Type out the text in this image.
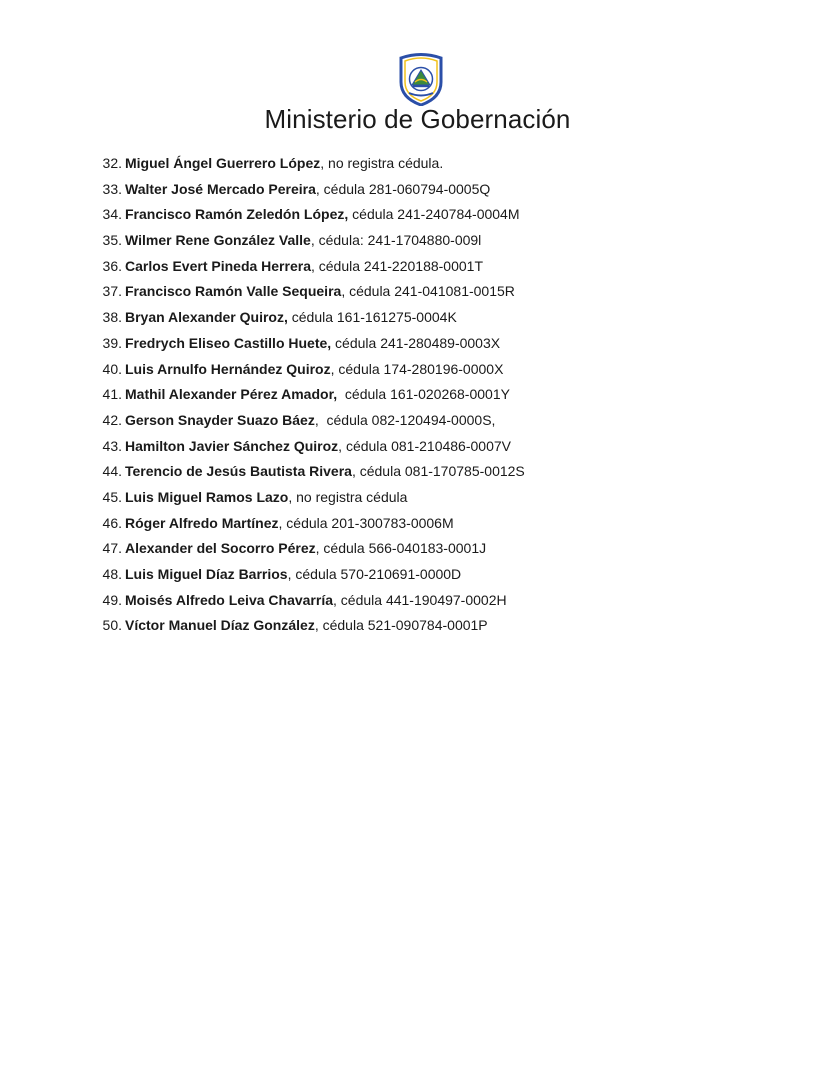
Ministerio de Gobernación
32. Miguel Ángel Guerrero López, no registra cédula.
33. Walter José Mercado Pereira, cédula 281-060794-0005Q
34. Francisco Ramón Zeledón López, cédula 241-240784-0004M
35. Wilmer Rene González Valle, cédula: 241-1704880-009l
36. Carlos Evert Pineda Herrera, cédula 241-220188-0001T
37. Francisco Ramón Valle Sequeira, cédula 241-041081-0015R
38. Bryan Alexander Quiroz, cédula 161-161275-0004K
39. Fredrych Eliseo Castillo Huete, cédula 241-280489-0003X
40. Luis Arnulfo Hernández Quiroz, cédula 174-280196-0000X
41. Mathil Alexander Pérez Amador,  cédula 161-020268-0001Y
42. Gerson Snayder Suazo Báez,  cédula 082-120494-0000S,
43. Hamilton Javier Sánchez Quiroz, cédula 081-210486-0007V
44. Terencio de Jesús Bautista Rivera, cédula 081-170785-0012S
45. Luis Miguel Ramos Lazo, no registra cédula
46. Róger Alfredo Martínez, cédula 201-300783-0006M
47. Alexander del Socorro Pérez, cédula 566-040183-0001J
48. Luis Miguel Díaz Barrios, cédula 570-210691-0000D
49. Moisés Alfredo Leiva Chavarría, cédula 441-190497-0002H
50. Víctor Manuel Díaz González, cédula 521-090784-0001P
